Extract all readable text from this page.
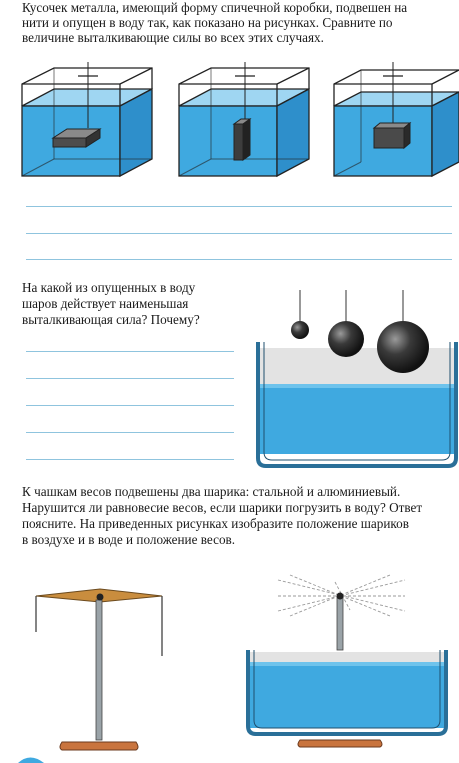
Кусочек металла, имеющий форму спичечной коробки, подвешен на

нити и опущен в воду так, как показано на рисунках. Сравните по

величине выталкивающие силы во всех этих случаях.

На какой из опущенных в воду

шаров действует наименьшая

выталкивающая сила? Почему?

К чашкам весов подвешены два шарика: стальной и алюминиевый.

Нарушится ли равновесие весов, если шарики погрузить в воду? Ответ

поясните. На приведенных рисунках изобразите положение шариков

в воздухе и в воде и положение весов.
